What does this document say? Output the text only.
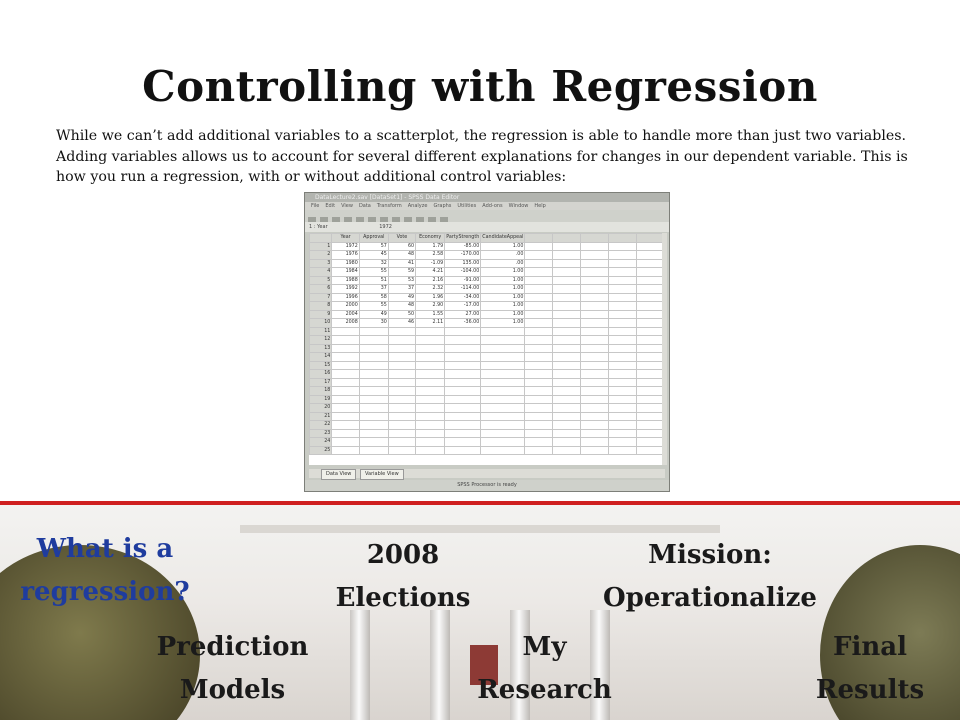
Controlling with Regression
While we can’t add additional variables to a scatterplot, the regression is able to handle more than just two variables. Adding variables allows us to account for several different explanations for changes in our dependent variable. This is how you run a regression, with or without additional control variables:
DataLecture2.sav [DataSet1] - SPSS Data Editor
File Edit View Data Transform Analyze Graphs Utilities Add-ons Window Help
1 : Year	1972
	Year	Approval	Vote	Economy	PartyStrength	CandidateAppeal					
1	1972	57	60	1.79	-85.00	1.00					
2	1976	45	48	2.58	-170.00	.00					
3	1980	32	41	-1.09	135.00	.00					
4	1984	55	59	4.21	-104.00	1.00					
5	1988	51	53	2.16	-91.00	1.00					
6	1992	37	37	2.32	-114.00	1.00					
7	1996	58	49	1.96	-34.00	1.00					
8	2000	55	48	2.90	-17.00	1.00					
9	2004	49	50	1.55	27.00	1.00					
10	2008	30	46	2.11	-36.00	1.00					
11											
12											
13											
14											
15											
16											
17											
18											
19											
20											
21											
22											
23											
24											
25											
Data View	Variable View
SPSS Processor is ready
What is a regression?
2008 Elections
Mission: Operationalize
Prediction Models
My Research
Final Results
